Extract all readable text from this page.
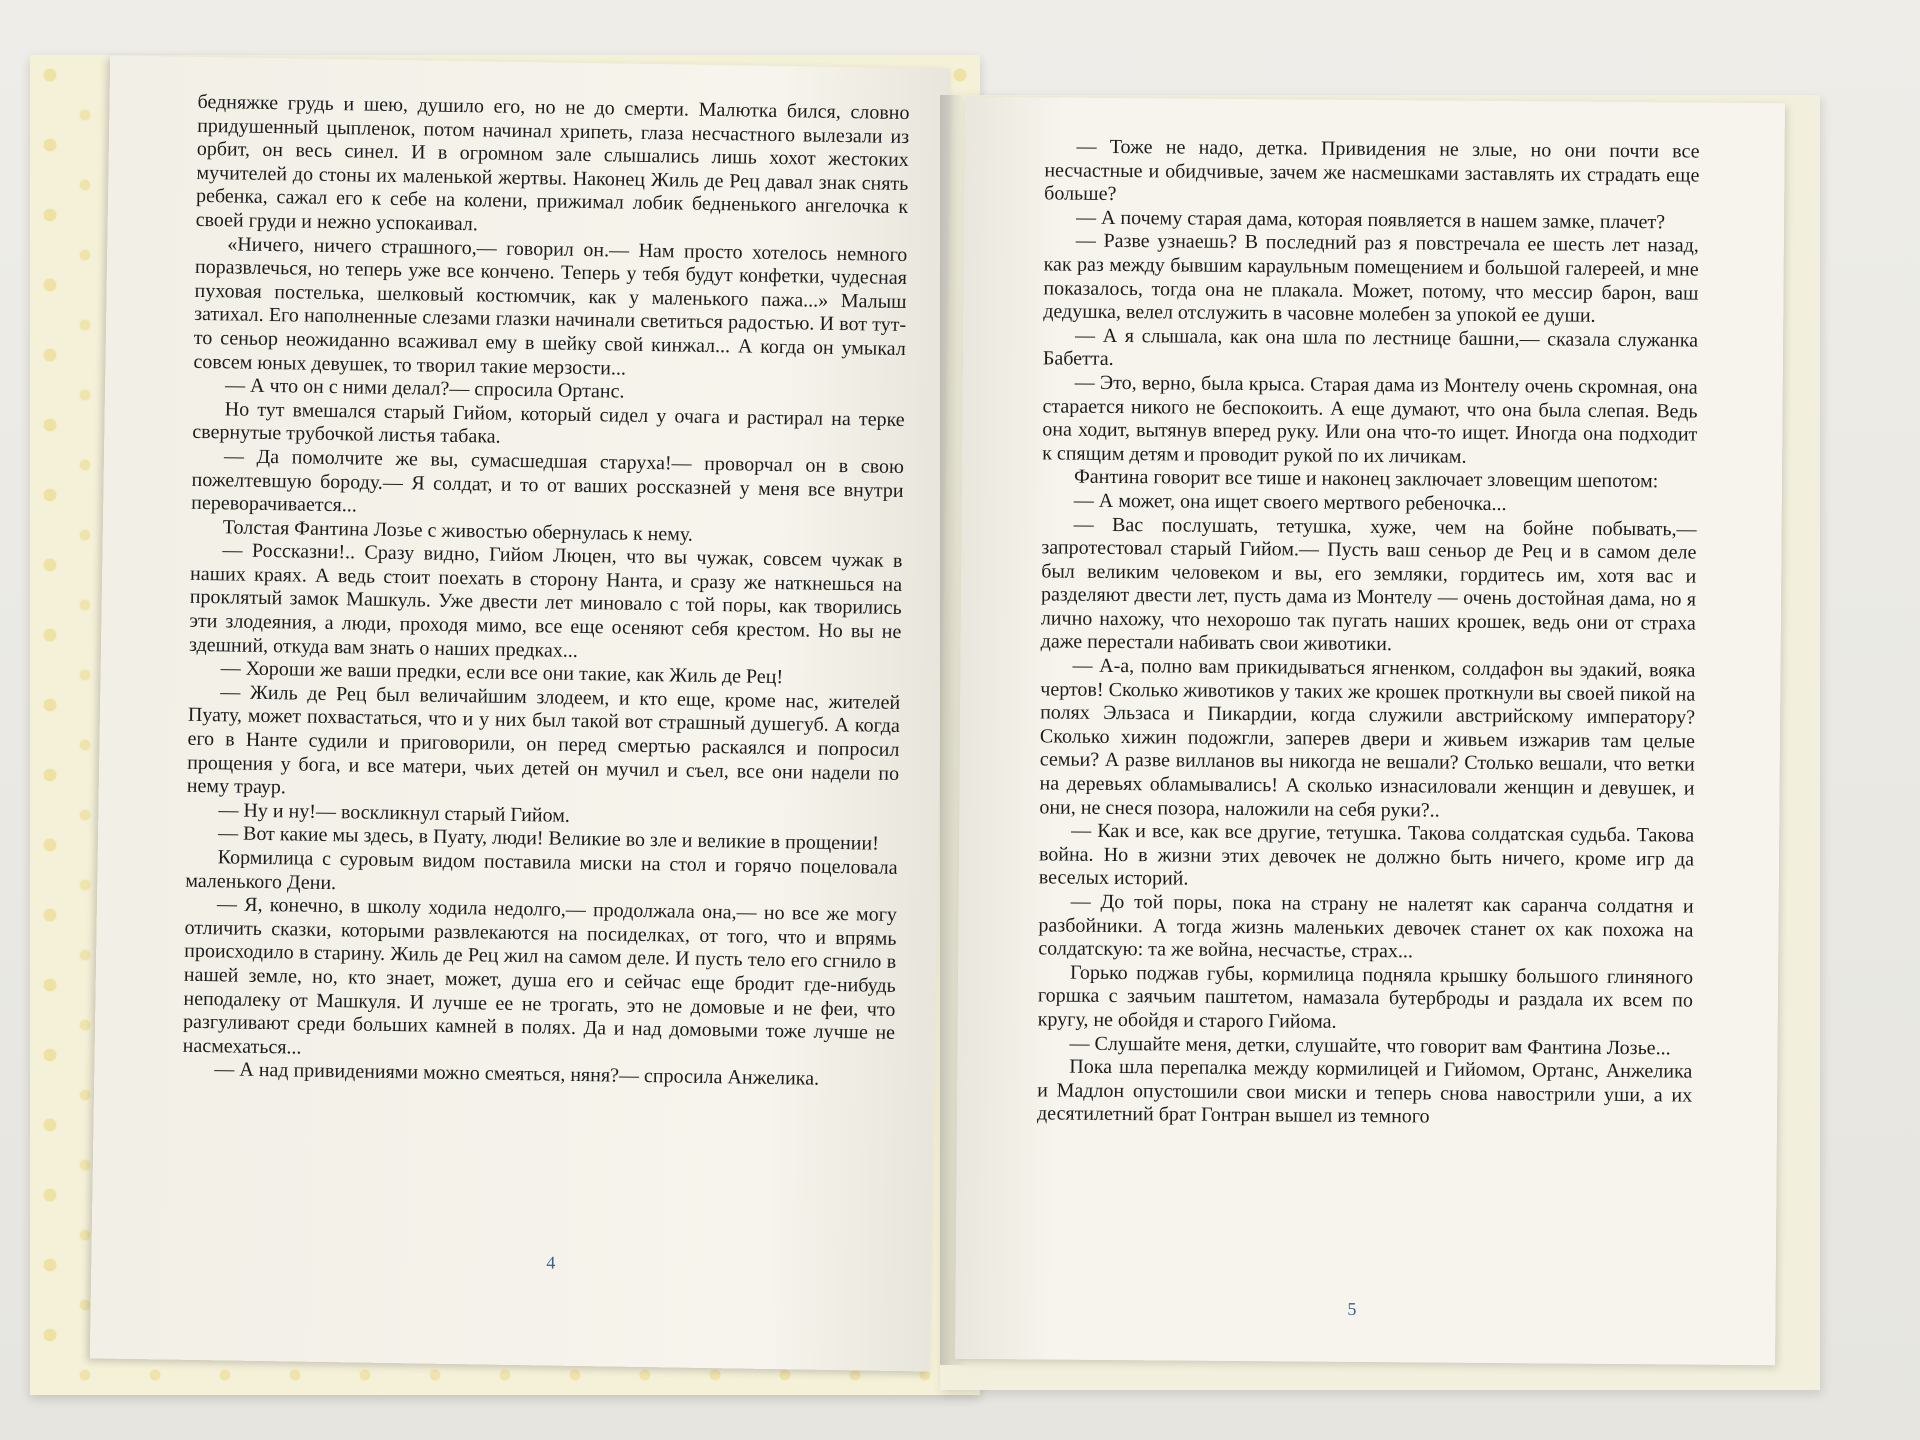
бедняжке грудь и шею, душило его, но не до смерти. Малютка бился, словно придушенный цыпленок, потом начинал хрипеть, глаза несчастного вылезали из орбит, он весь синел. И в огромном зале слышались лишь хохот жестоких мучителей до стоны их маленькой жертвы. Наконец Жиль де Рец давал знак снять ребенка, сажал его к себе на колени, прижимал лобик бедненького ангелочка к своей груди и нежно успокаивал.

«Ничего, ничего страшного,— говорил он.— Нам просто хотелось немного поразвлечься, но теперь уже все кончено. Теперь у тебя будут конфетки, чудесная пуховая постелька, шелковый костюмчик, как у маленького пажа...» Малыш затихал. Его наполненные слезами глазки начинали светиться радостью. И вот тут-то сеньор неожиданно всаживал ему в шейку свой кинжал... А когда он умыкал совсем юных девушек, то творил такие мерзости...

— А что он с ними делал?— спросила Ортанс.

Но тут вмешался старый Гийом, который сидел у очага и растирал на терке свернутые трубочкой листья табака.

— Да помолчите же вы, сумасшедшая старуха!— проворчал он в свою пожелтевшую бороду.— Я солдат, и то от ваших россказней у меня все внутри переворачивается...

Толстая Фантина Лозье с живостью обернулась к нему.

— Россказни!.. Сразу видно, Гийом Люцен, что вы чужак, совсем чужак в наших краях. А ведь стоит поехать в сторону Нанта, и сразу же наткнешься на проклятый замок Машкуль. Уже двести лет миновало с той поры, как творились эти злодеяния, а люди, проходя мимо, все еще осеняют себя крестом. Но вы не здешний, откуда вам знать о наших предках...

— Хороши же ваши предки, если все они такие, как Жиль де Рец!

— Жиль де Рец был величайшим злодеем, и кто еще, кроме нас, жителей Пуату, может похвастаться, что и у них был такой вот страшный душегуб. А когда его в Нанте судили и приговорили, он перед смертью раскаялся и попросил прощения у бога, и все матери, чьих детей он мучил и съел, все они надели по нему траур.

— Ну и ну!— воскликнул старый Гийом.

— Вот какие мы здесь, в Пуату, люди! Великие во зле и великие в прощении!

Кормилица с суровым видом поставила миски на стол и горячо поцеловала маленького Дени.

— Я, конечно, в школу ходила недолго,— продолжала она,— но все же могу отличить сказки, которыми развлекаются на посиделках, от того, что и впрямь происходило в старину. Жиль де Рец жил на самом деле. И пусть тело его сгнило в нашей земле, но, кто знает, может, душа его и сейчас еще бродит где-нибудь неподалеку от Машкуля. И лучше ее не трогать, это не домовые и не феи, что разгуливают среди больших камней в полях. Да и над домовыми тоже лучше не насмехаться...

— А над привидениями можно смеяться, няня?— спросила Анжелика.

4

— Тоже не надо, детка. Привидения не злые, но они почти все несчастные и обидчивые, зачем же насмешками заставлять их страдать еще больше?

— А почему старая дама, которая появляется в нашем замке, плачет?

— Разве узнаешь? В последний раз я повстречала ее шесть лет назад, как раз между бывшим караульным помещением и большой галереей, и мне показалось, тогда она не плакала. Может, потому, что мессир барон, ваш дедушка, велел отслужить в часовне молебен за упокой ее души.

— А я слышала, как она шла по лестнице башни,— сказала служанка Бабетта.

— Это, верно, была крыса. Старая дама из Монтелу очень скромная, она старается никого не беспокоить. А еще думают, что она была слепая. Ведь она ходит, вытянув вперед руку. Или она что-то ищет. Иногда она подходит к спящим детям и проводит рукой по их личикам.

Фантина говорит все тише и наконец заключает зловещим шепотом:

— А может, она ищет своего мертвого ребеночка...

— Вас послушать, тетушка, хуже, чем на бойне побывать,— запротестовал старый Гийом.— Пусть ваш сеньор де Рец и в самом деле был великим человеком и вы, его земляки, гордитесь им, хотя вас и разделяют двести лет, пусть дама из Монтелу — очень достойная дама, но я лично нахожу, что нехорошо так пугать наших крошек, ведь они от страха даже перестали набивать свои животики.

— А-а, полно вам прикидываться ягненком, солдафон вы эдакий, вояка чертов! Сколько животиков у таких же крошек проткнули вы своей пикой на полях Эльзаса и Пикардии, когда служили австрийскому императору? Сколько хижин подожгли, заперев двери и живьем изжарив там целые семьи? А разве вилланов вы никогда не вешали? Столько вешали, что ветки на деревьях обламывались! А сколько изнасиловали женщин и девушек, и они, не снеся позора, наложили на себя руки?..

— Как и все, как все другие, тетушка. Такова солдатская судьба. Такова война. Но в жизни этих девочек не должно быть ничего, кроме игр да веселых историй.

— До той поры, пока на страну не налетят как саранча солдатня и разбойники. А тогда жизнь маленьких девочек станет ох как похожа на солдатскую: та же война, несчастье, страх...

Горько поджав губы, кормилица подняла крышку большого глиняного горшка с заячьим паштетом, намазала бутерброды и раздала их всем по кругу, не обойдя и старого Гийома.

— Слушайте меня, детки, слушайте, что говорит вам Фантина Лозье...

Пока шла перепалка между кормилицей и Гийомом, Ортанс, Анжелика и Мадлон опустошили свои миски и теперь снова навострили уши, а их десятилетний брат Гонтран вышел из темного

5
